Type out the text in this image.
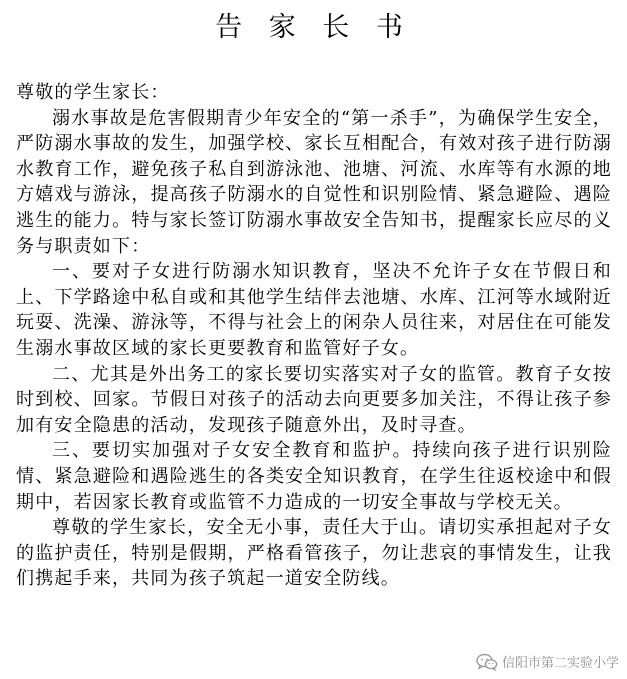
告 家 长 书

尊敬的学生家长：

溺水事故是危害假期青少年安全的“第一杀手”，为确保学生安全，严防溺水事故的发生，加强学校、家长互相配合，有效对孩子进行防溺水教育工作，避免孩子私自到游泳池、池塘、河流、水库等有水源的地方嬉戏与游泳，提高孩子防溺水的自觉性和识别险情、紧急避险、遇险逃生的能力。特与家长签订防溺水事故安全告知书，提醒家长应尽的义务与职责如下：

一、要对子女进行防溺水知识教育，坚决不允许子女在节假日和上、下学路途中私自或和其他学生结伴去池塘、水库、江河等水域附近玩耍、洗澡、游泳等，不得与社会上的闲杂人员往来，对居住在可能发生溺水事故区域的家长更要教育和监管好子女。

二、尤其是外出务工的家长要切实落实对子女的监管。教育子女按时到校、回家。节假日对孩子的活动去向更要多加关注，不得让孩子参加有安全隐患的活动，发现孩子随意外出，及时寻查。

三、要切实加强对子女安全教育和监护。持续向孩子进行识别险情、紧急避险和遇险逃生的各类安全知识教育，在学生往返校途中和假期中，若因家长教育或监管不力造成的一切安全事故与学校无关。

尊敬的学生家长，安全无小事，责任大于山。请切实承担起对子女的监护责任，特别是假期，严格看管孩子，勿让悲哀的事情发生，让我们携起手来，共同为孩子筑起一道安全防线。

信阳市第二实验小学
